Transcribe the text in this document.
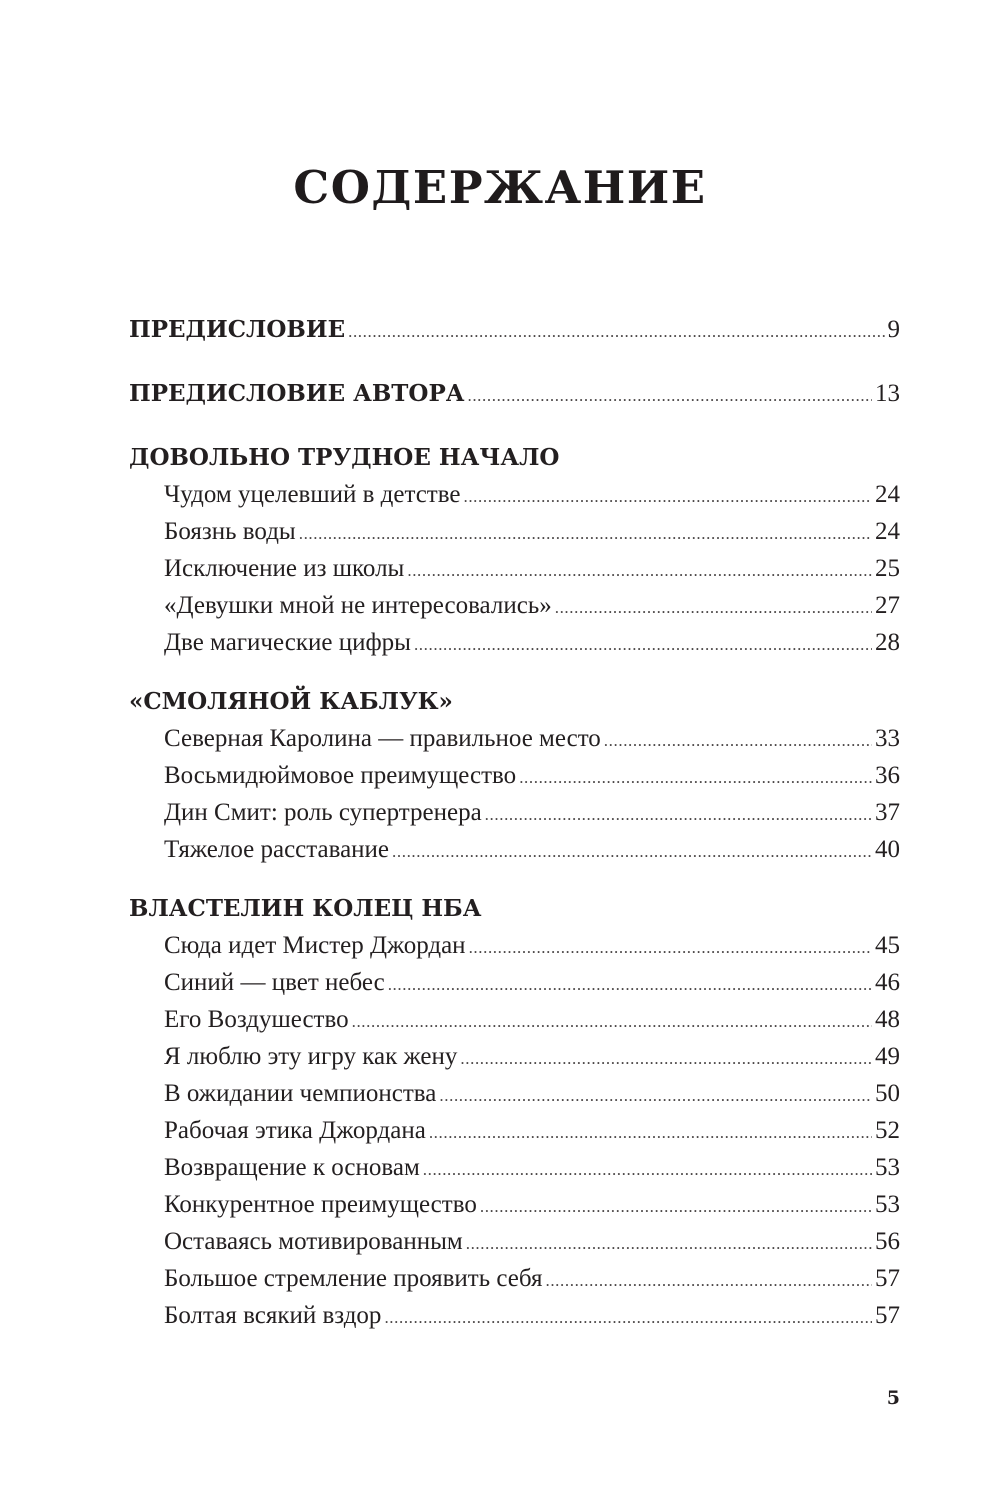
СОДЕРЖАНИЕ
ПРЕДИСЛОВИЕ .....	9
ПРЕДИСЛОВИЕ АВТОРА .....	13
ДОВОЛЬНО ТРУДНОЕ НАЧАЛО
Чудом уцелевший в детстве .....	24
Боязнь воды .....	24
Исключение из школы .....	25
«Девушки мной не интересовались» .....	27
Две магические цифры .....	28
«СМОЛЯНОЙ КАБЛУК»
Северная Каролина — правильное место .....	33
Восьмидюймовое преимущество .....	36
Дин Смит: роль супертренера .....	37
Тяжелое расставание .....	40
ВЛАСТЕЛИН КОЛЕЦ НБА
Сюда идет Мистер Джордан .....	45
Синий — цвет небес .....	46
Его Воздушество .....	48
Я люблю эту игру как жену .....	49
В ожидании чемпионства .....	50
Рабочая этика Джордана .....	52
Возвращение к основам .....	53
Конкурентное преимущество .....	53
Оставаясь мотивированным .....	56
Большое стремление проявить себя .....	57
Болтая всякий вздор .....	57
5
